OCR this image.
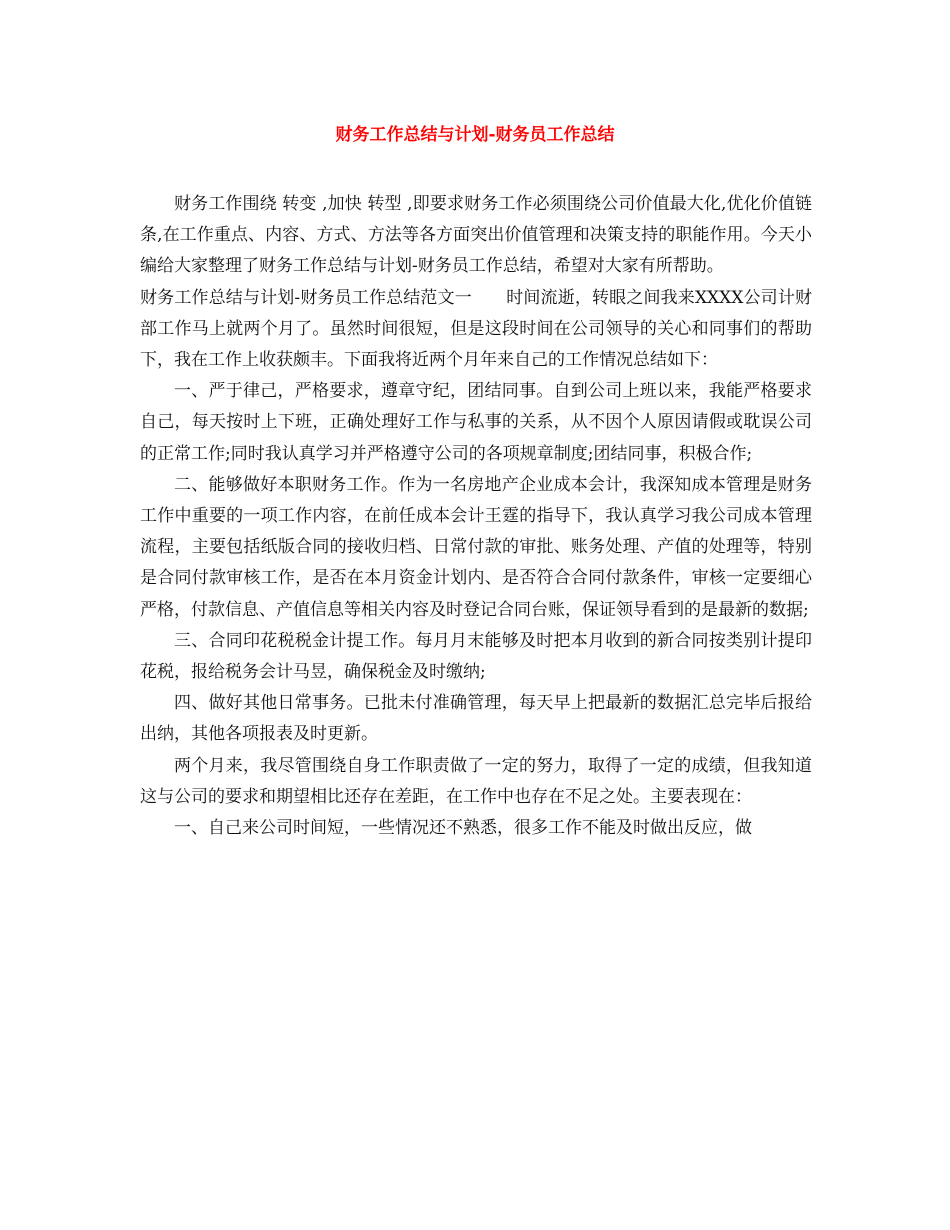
财务工作总结与计划-财务员工作总结

财务工作围绕 转变 ,加快 转型 ,即要求财务工作必须围绕公司价值最大化,优化价值链条,在工作重点、内容、方式、方法等各方面突出价值管理和决策支持的职能作用。今天小编给大家整理了财务工作总结与计划-财务员工作总结，希望对大家有所帮助。

财务工作总结与计划-财务员工作总结范文一　　时间流逝，转眼之间我来XXXX公司计财部工作马上就两个月了。虽然时间很短，但是这段时间在公司领导的关心和同事们的帮助下，我在工作上收获颇丰。下面我将近两个月年来自己的工作情况总结如下：

一、严于律己，严格要求，遵章守纪，团结同事。自到公司上班以来，我能严格要求自己，每天按时上下班，正确处理好工作与私事的关系，从不因个人原因请假或耽误公司的正常工作;同时我认真学习并严格遵守公司的各项规章制度;团结同事，积极合作;

二、能够做好本职财务工作。作为一名房地产企业成本会计，我深知成本管理是财务工作中重要的一项工作内容，在前任成本会计王霆的指导下，我认真学习我公司成本管理流程，主要包括纸版合同的接收归档、日常付款的审批、账务处理、产值的处理等，特别是合同付款审核工作，是否在本月资金计划内、是否符合合同付款条件，审核一定要细心严格，付款信息、产值信息等相关内容及时登记合同台账，保证领导看到的是最新的数据;

三、合同印花税税金计提工作。每月月末能够及时把本月收到的新合同按类别计提印花税，报给税务会计马昱，确保税金及时缴纳;

四、做好其他日常事务。已批未付准确管理，每天早上把最新的数据汇总完毕后报给出纳，其他各项报表及时更新。

两个月来，我尽管围绕自身工作职责做了一定的努力，取得了一定的成绩，但我知道这与公司的要求和期望相比还存在差距，在工作中也存在不足之处。主要表现在：

一、自己来公司时间短，一些情况还不熟悉，很多工作不能及时做出反应，做
